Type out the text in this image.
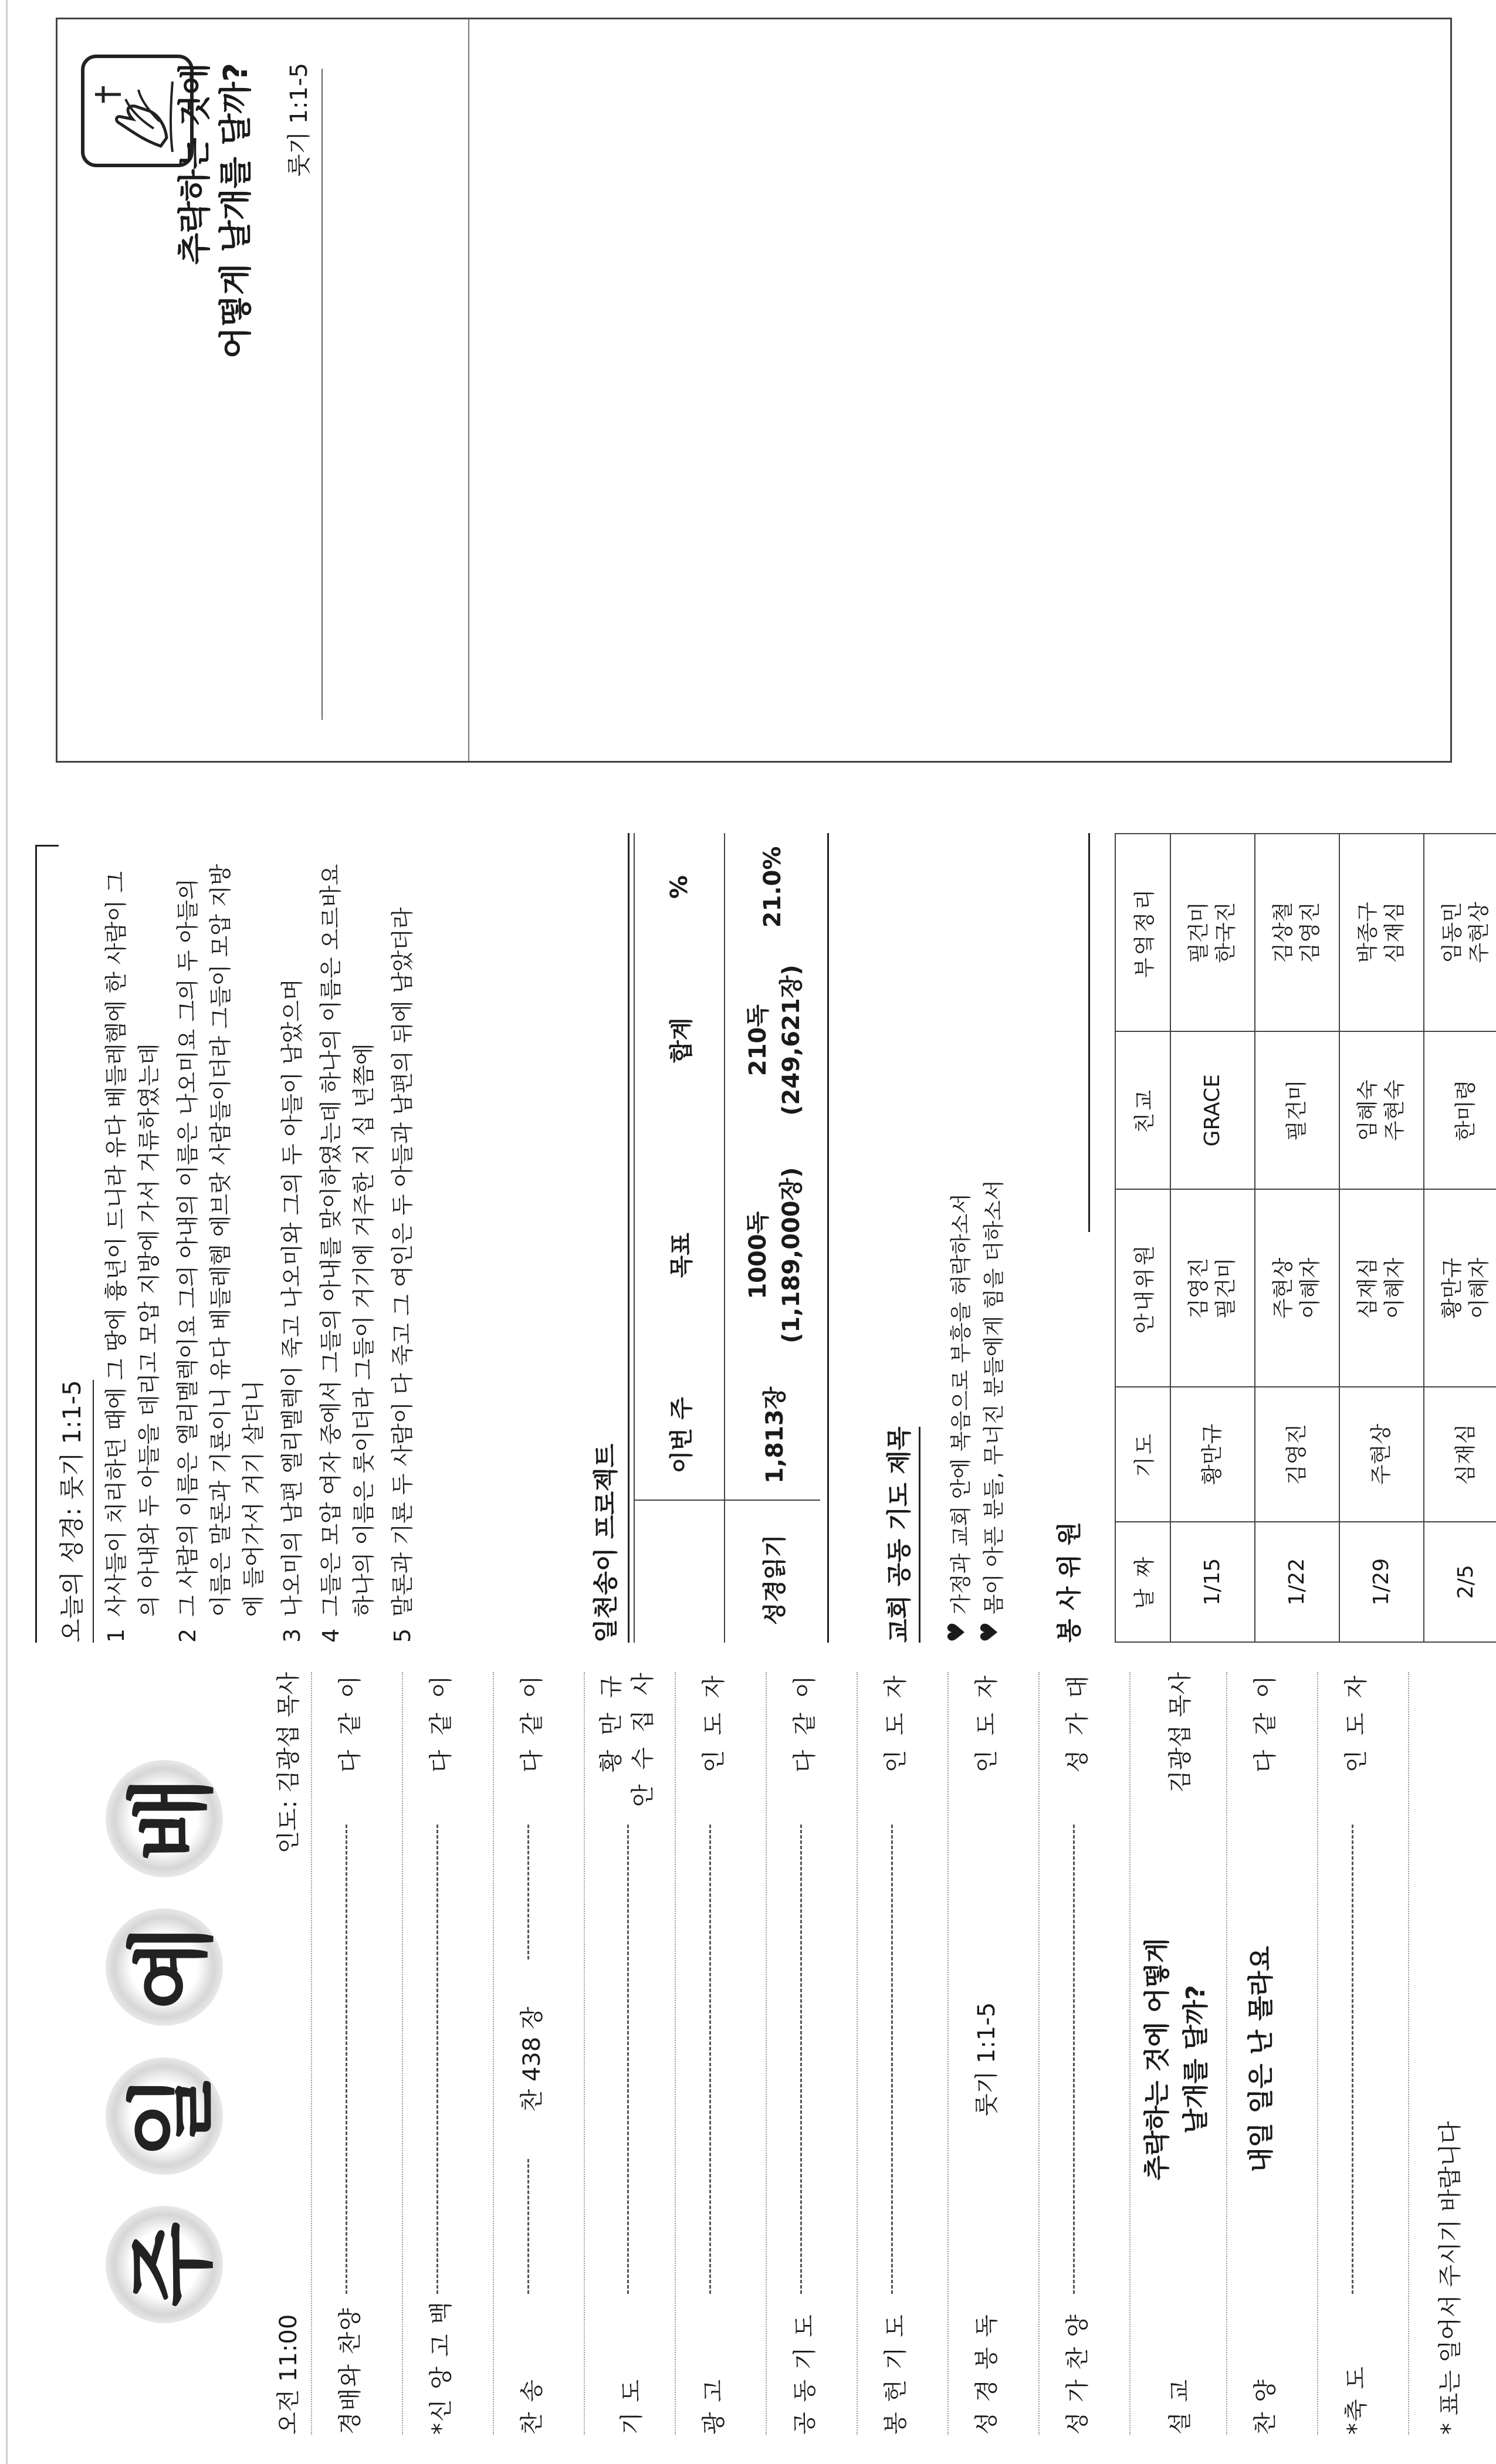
주
일
예
배
오전 11:00
인도: 김광섭 목사
경배와 찬양
다 같 이
*신 앙 고 백
다 같 이
찬 송
찬 438 장
다 같 이
기 도
황 만 규 안 수 집 사
광 고
인 도 자
공 동 기 도
다 같 이
봉 헌 기 도
인 도 자
성 경 봉 독
룻기 1:1-5
인 도 자
성 가 찬 양
성 가 대
설 교
추락하는 것에 어떻게 날개를 달까?
김광섭 목사
찬 양
내일 일은 난 몰라요
다 같 이
*축 도
인 도 자
* 표는 일어서 주시기 바랍니다
오늘의 성경: 룻기 1:1-5 1
사사들이 치리하던 때에 그 땅에 흉년이 드니라 유다 베들레헴에 한 사람이 그의 아내와 두 아들을 데리고 모압 지방에 가서 거류하였는데
2
그 사람의 이름은 엘리멜렉이요 그의 아내의 이름은 나오미요 그의 두 아들의 이름은 말론과 기룐이니 유다 베들레헴 에브랏 사람들이더라 그들이 모압 지방에 들어가서 거기 살더니
3
나오미의 남편 엘리멜렉이 죽고 나오미와 그의 두 아들이 남았으며
4
그들은 모압 여자 중에서 그들의 아내를 맞이하였는데 하나의 이름은 오르바요 하나의 이름은 룻이더라 그들이 거기에 거주한 지 십 년쯤에
5
말론과 기룐 두 사람이 다 죽고 그 여인은 두 아들과 남편의 뒤에 남았더라	일천송이 프로젝트
	이번 주	목표	합계	%
성경읽기	1,813장	1000독 (1,189,000장)	210독 (249,621장)	21.0%
교회 공동 기도 제목	♥
가정과 교회 안에 복음으로 부흥을 허락하소서
♥
몸이 아픈 분들, 무너진 분들에게 힘을 더하소서 봉 사 위 원 날 짜	기도	안내위원	친교	부엌정리
1/15	황만규	김영진 필건미	GRACE	필건미 한국진
1/22	김영진	주현상 이혜자	필건미	김상철 김영진
1/29	주현상	심재심 이혜자	임혜숙 주현숙	박종구 심재심
2/5	심재심	황만규 이혜자	한미령	임동민 주현상
추락하는 것에
어떻게 날개를 달까? 룻기 1:1-5
